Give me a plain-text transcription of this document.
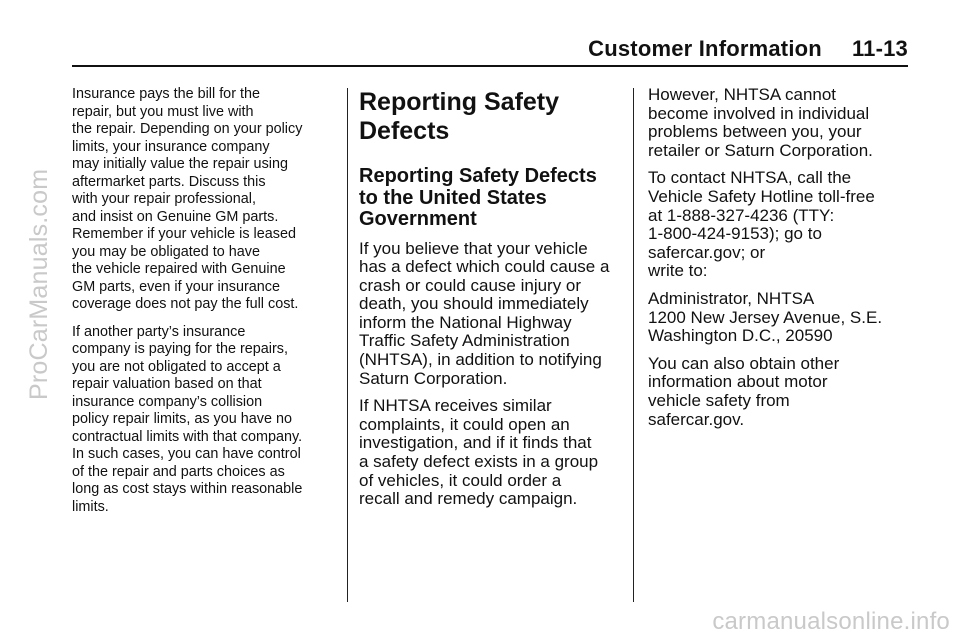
Customer Information 11-13

Insurance pays the bill for the
repair, but you must live with
the repair. Depending on your policy
limits, your insurance company
may initially value the repair using
aftermarket parts. Discuss this
with your repair professional,
and insist on Genuine GM parts.
Remember if your vehicle is leased
you may be obligated to have
the vehicle repaired with Genuine
GM parts, even if your insurance
coverage does not pay the full cost.

If another party’s insurance
company is paying for the repairs,
you are not obligated to accept a
repair valuation based on that
insurance company’s collision
policy repair limits, as you have no
contractual limits with that company.
In such cases, you can have control
of the repair and parts choices as
long as cost stays within reasonable
limits.

Reporting Safety
Defects
Reporting Safety Defects
to the United States
Government

If you believe that your vehicle
has a defect which could cause a
crash or could cause injury or
death, you should immediately
inform the National Highway
Traffic Safety Administration
(NHTSA), in addition to notifying
Saturn Corporation.

If NHTSA receives similar
complaints, it could open an
investigation, and if it finds that
a safety defect exists in a group
of vehicles, it could order a
recall and remedy campaign.

However, NHTSA cannot
become involved in individual
problems between you, your
retailer or Saturn Corporation.

To contact NHTSA, call the
Vehicle Safety Hotline toll-free
at 1-888-327-4236 (TTY:
1-800-424-9153); go to
safercar.gov; or
write to:

Administrator, NHTSA
1200 New Jersey Avenue, S.E.
Washington D.C., 20590

You can also obtain other
information about motor
vehicle safety from
safercar.gov.

ProCarManuals.com
carmanualsonline.info
